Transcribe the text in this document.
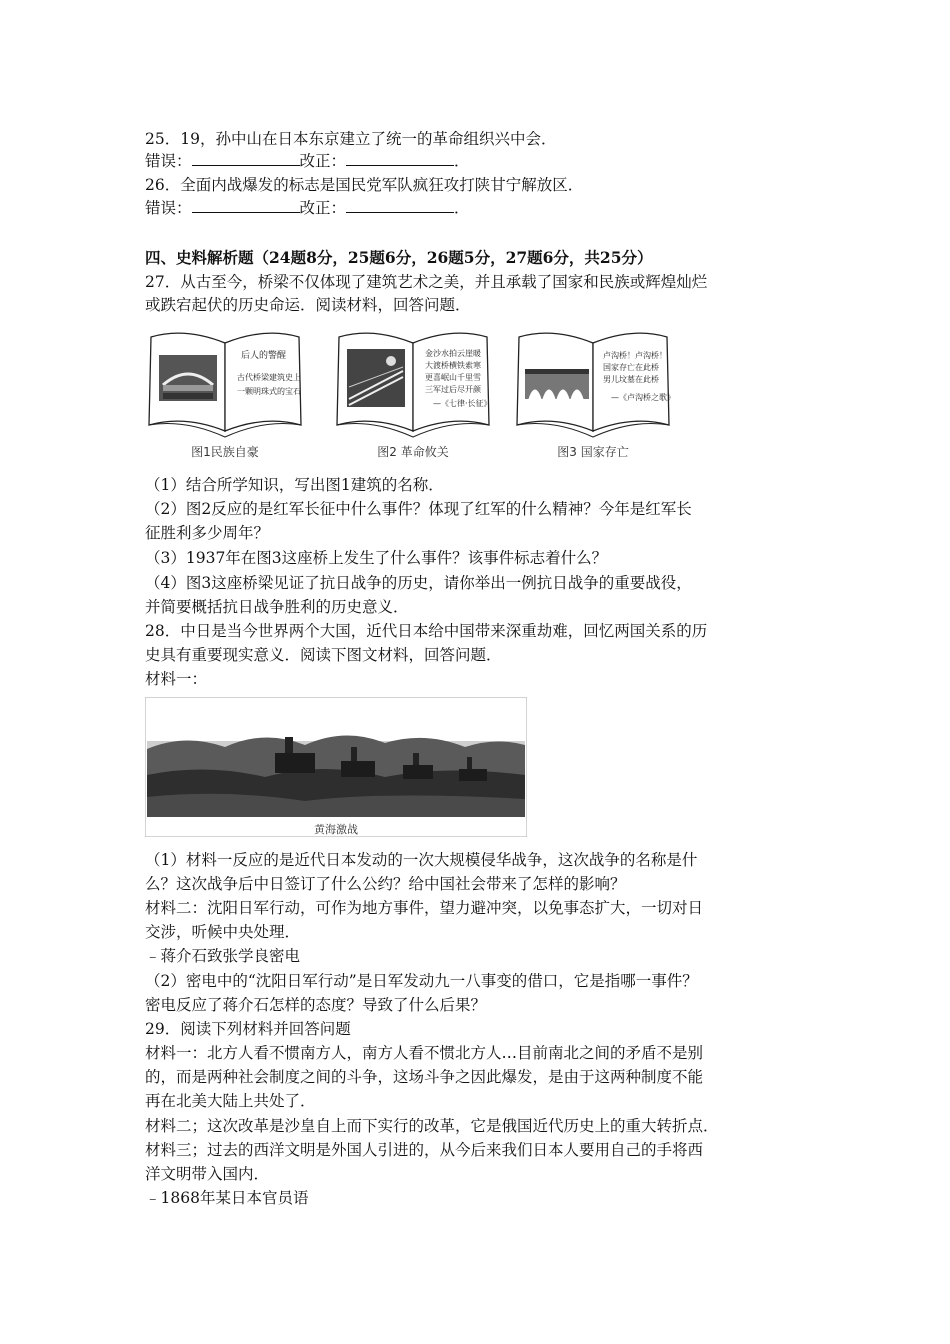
25．19，孙中山在日本东京建立了统一的革命组织兴中会．
错误：	改正：	．
26．全面内战爆发的标志是国民党军队疯狂攻打陕甘宁解放区．
错误：	改正：	．
四、史料解析题（24题8分，25题6分，26题5分，27题6分，共25分）
27．从古至今，桥梁不仅体现了建筑艺术之美，并且承载了国家和民族或辉煌灿烂
或跌宕起伏的历史命运．阅读材料，回答问题．
后人的警醒
古代桥梁建筑史上
一颗明珠式的宝石
图1民族自豪
金沙水拍云崖暖
大渡桥横铁索寒
更喜岷山千里雪
三军过后尽开颜
—《七律·长征》
图2 革命攸关
卢沟桥！卢沟桥！
国家存亡在此桥
男儿坟墓在此桥
—《卢沟桥之歌》
图3 国家存亡
（1）结合所学知识，写出图1建筑的名称．
（2）图2反应的是红军长征中什么事件？体现了红军的什么精神？今年是红军长
征胜利多少周年？
（3）1937年在图3这座桥上发生了什么事件？该事件标志着什么？
（4）图3这座桥梁见证了抗日战争的历史，请你举出一例抗日战争的重要战役，
并简要概括抗日战争胜利的历史意义．
28．中日是当今世界两个大国，近代日本给中国带来深重劫难，回忆两国关系的历
史具有重要现实意义．阅读下图文材料，回答问题．
材料一：
黄海激战
（1）材料一反应的是近代日本发动的一次大规模侵华战争，这次战争的名称是什
么？这次战争后中日签订了什么公约？给中国社会带来了怎样的影响？
材料二：沈阳日军行动，可作为地方事件，望力避冲突，以免事态扩大，一切对日
交涉，听候中央处理．
﹣蒋介石致张学良密电
（2）密电中的“沈阳日军行动”是日军发动九一八事变的借口，它是指哪一事件？
密电反应了蒋介石怎样的态度？导致了什么后果？
29．阅读下列材料并回答问题
材料一：北方人看不惯南方人，南方人看不惯北方人…目前南北之间的矛盾不是别
的，而是两种社会制度之间的斗争，这场斗争之因此爆发，是由于这两种制度不能
再在北美大陆上共处了．
材料二；这次改革是沙皇自上而下实行的改革，它是俄国近代历史上的重大转折点．
材料三；过去的西洋文明是外国人引进的，从今后来我们日本人要用自己的手将西
洋文明带入国内．
﹣1868年某日本官员语
